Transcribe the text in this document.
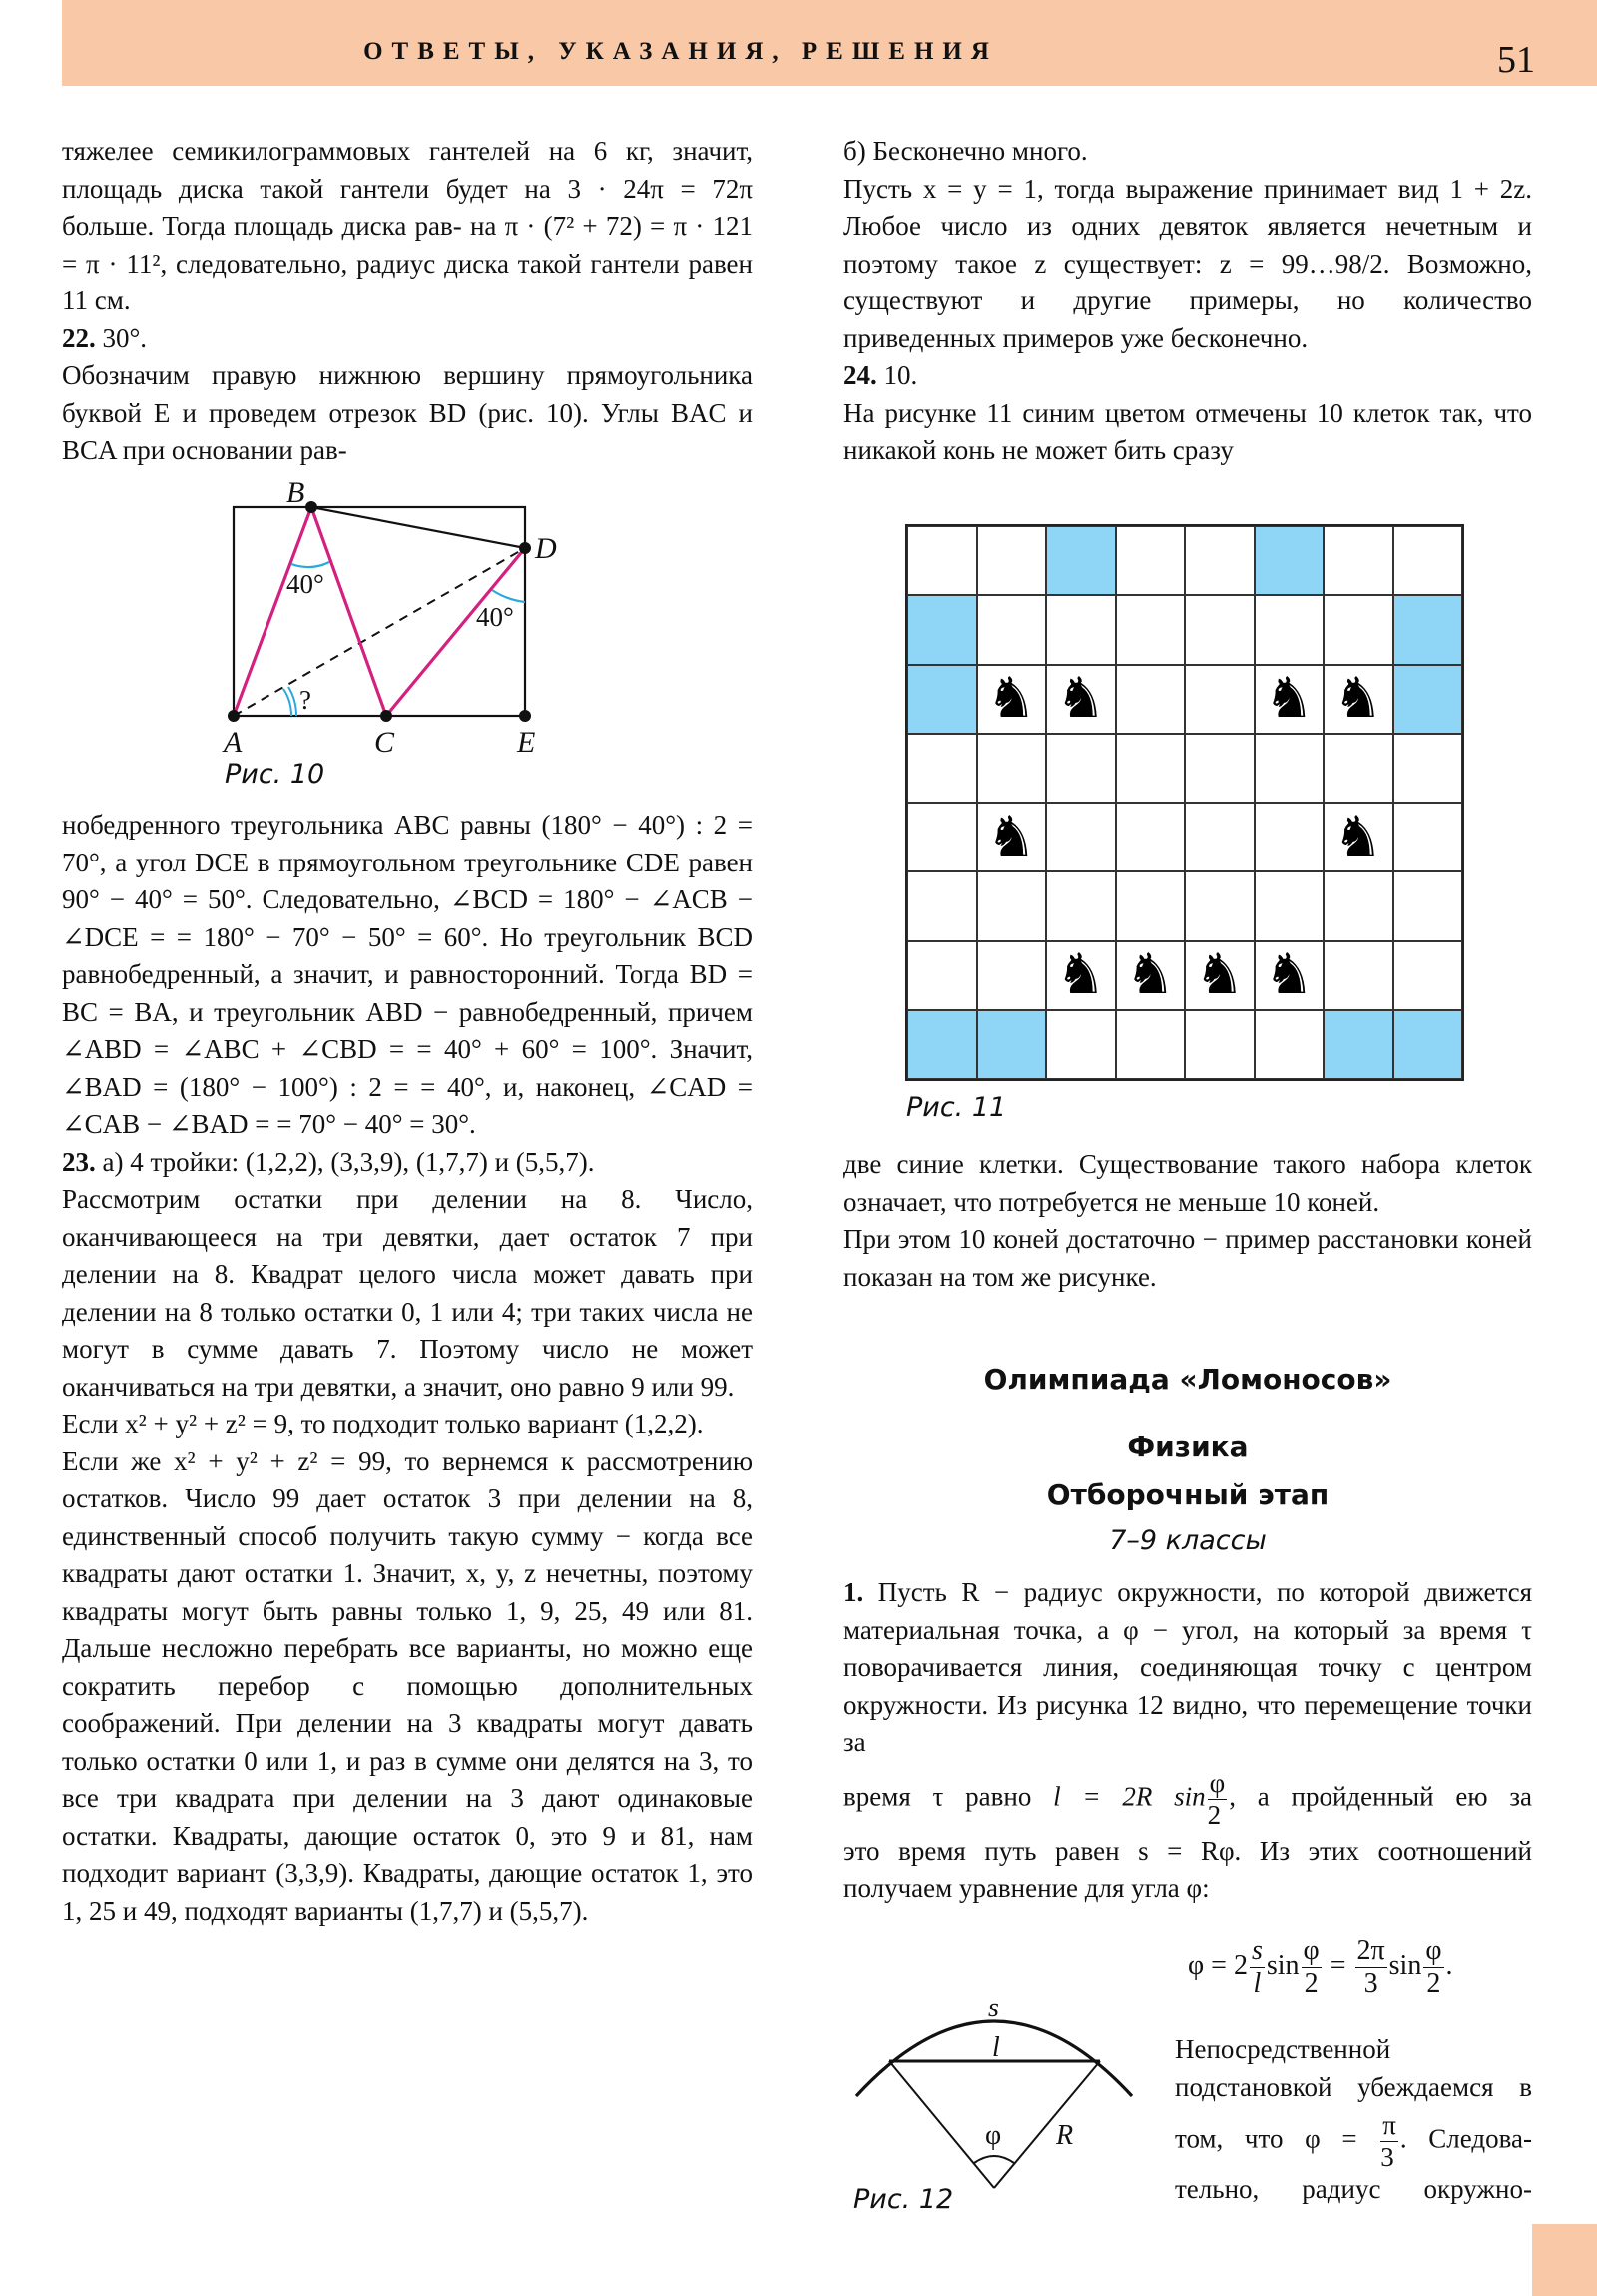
ОТВЕТЫ, УКАЗАНИЯ, РЕШЕНИЯ	51

тяжелее семикилограммовых гантелей на 6 кг, значит, площадь диска такой гантели будет на 3 · 24π = 72π больше. Тогда площадь диска рав- на π · (7² + 72) = π · 121 = π · 11², следовательно, радиус диска такой гантели равен 11 см.

22. 30°.

Обозначим правую нижнюю вершину прямоугольника буквой E и проведем отрезок BD (рис. 10). Углы BAC и BCA при основании рав-

B
D
A	C	E
40°
40°
?
Рис. 10

нобедренного треугольника ABC равны (180° − 40°) : 2 = 70°, а угол DCE в прямоугольном треугольнике CDE равен 90° − 40° = 50°. Следовательно, ∠BCD = 180° − ∠ACB − ∠DCE = = 180° − 70° − 50° = 60°. Но треугольник BCD равнобедренный, а значит, и равносторонний. Тогда BD = BC = BA, и треугольник ABD − равнобедренный, причем ∠ABD = ∠ABC + ∠CBD = = 40° + 60° = 100°. Значит, ∠BAD = (180° − 100°) : 2 = = 40°, и, наконец, ∠CAD = ∠CAB − ∠BAD = = 70° − 40° = 30°.

23. а) 4 тройки: (1,2,2), (3,3,9), (1,7,7) и (5,5,7).

Рассмотрим остатки при делении на 8. Число, оканчивающееся на три девятки, дает остаток 7 при делении на 8. Квадрат целого числа может давать при делении на 8 только остатки 0, 1 или 4; три таких числа не могут в сумме давать 7. Поэтому число не может оканчиваться на три девятки, а значит, оно равно 9 или 99.

Если x² + y² + z² = 9, то подходит только вариант (1,2,2).

Если же x² + y² + z² = 99, то вернемся к рассмотрению остатков. Число 99 дает остаток 3 при делении на 8, единственный способ получить такую сумму − когда все квадраты дают остатки 1. Значит, x, y, z нечетны, поэтому квадраты могут быть равны только 1, 9, 25, 49 или 81. Дальше несложно перебрать все варианты, но можно еще сократить перебор с помощью дополнительных соображений. При делении на 3 квадраты могут давать только остатки 0 или 1, и раз в сумме они делятся на 3, то все три квадрата при делении на 3 дают одинаковые остатки. Квадраты, дающие остаток 0, это 9 и 81, нам подходит вариант (3,3,9). Квадраты, дающие остаток 1, это 1, 25 и 49, подходят варианты (1,7,7) и (5,5,7).

б) Бесконечно много.

Пусть x = y = 1, тогда выражение принимает вид 1 + 2z. Любое число из одних девяток является нечетным и поэтому такое z существует: z = 99…98/2. Возможно, существуют и другие примеры, но количество приведенных примеров уже бесконечно.

24. 10.

На рисунке 11 синим цветом отмечены 10 клеток так, что никакой конь не может бить сразу

♞ ♞	♞ ♞
♞	♞
♞ ♞ ♞ ♞
Рис. 11

две синие клетки. Существование такого набора клеток означает, что потребуется не меньше 10 коней.

При этом 10 коней достаточно − пример расстановки коней показан на том же рисунке.

Олимпиада «Ломоносов»
Физика
Отборочный этап
7–9 классы

1. Пусть R − радиус окружности, по которой движется материальная точка, а φ − угол, на который за время τ поворачивается линия, соединяющая точку с центром окружности. Из рисунка 12 видно, что перемещение точки за

время τ равно l = 2R $\sin \frac{\varphi}{2}$ , а пройденный ею за

это время путь равен s = Rφ. Из этих соотношений получаем уравнение для угла φ:

$\varphi = 2 \frac{s}{l}$ $\sin \frac{\varphi}{2} = \frac{2\pi}{3}$ $\sin \frac{\varphi}{2}$ .
s
l
φ R
Рис. 12

Непосредственной подстановкой убеждаемся в

том, что $\varphi = \frac{\pi}{3}$ . Следова-

тельно, радиус окружно-
